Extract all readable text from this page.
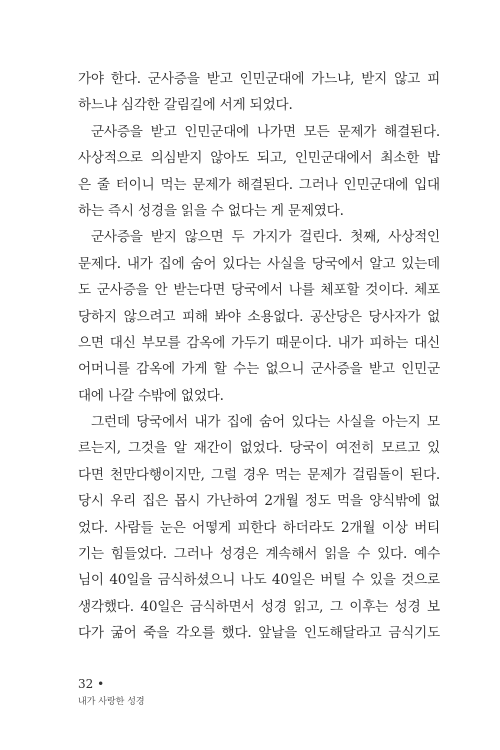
가야 한다. 군사증을 받고 인민군대에 가느냐, 받지 않고 피
하느냐 심각한 갈림길에 서게 되었다.
군사증을 받고 인민군대에 나가면 모든 문제가 해결된다.
사상적으로 의심받지 않아도 되고, 인민군대에서 최소한 밥
은 줄 터이니 먹는 문제가 해결된다. 그러나 인민군대에 입대
하는 즉시 성경을 읽을 수 없다는 게 문제였다.
군사증을 받지 않으면 두 가지가 걸린다. 첫째, 사상적인
문제다. 내가 집에 숨어 있다는 사실을 당국에서 알고 있는데
도 군사증을 안 받는다면 당국에서 나를 체포할 것이다. 체포
당하지 않으려고 피해 봐야 소용없다. 공산당은 당사자가 없
으면 대신 부모를 감옥에 가두기 때문이다. 내가 피하는 대신
어머니를 감옥에 가게 할 수는 없으니 군사증을 받고 인민군
대에 나갈 수밖에 없었다.
그런데 당국에서 내가 집에 숨어 있다는 사실을 아는지 모
르는지, 그것을 알 재간이 없었다. 당국이 여전히 모르고 있
다면 천만다행이지만, 그럴 경우 먹는 문제가 걸림돌이 된다.
당시 우리 집은 몹시 가난하여 2개월 정도 먹을 양식밖에 없
었다. 사람들 눈은 어떻게 피한다 하더라도 2개월 이상 버티
기는 힘들었다. 그러나 성경은 계속해서 읽을 수 있다. 예수
님이 40일을 금식하셨으니 나도 40일은 버틸 수 있을 것으로
생각했다. 40일은 금식하면서 성경 읽고, 그 이후는 성경 보
다가 굶어 죽을 각오를 했다. 앞날을 인도해달라고 금식기도
32 •
내가 사랑한 성경
